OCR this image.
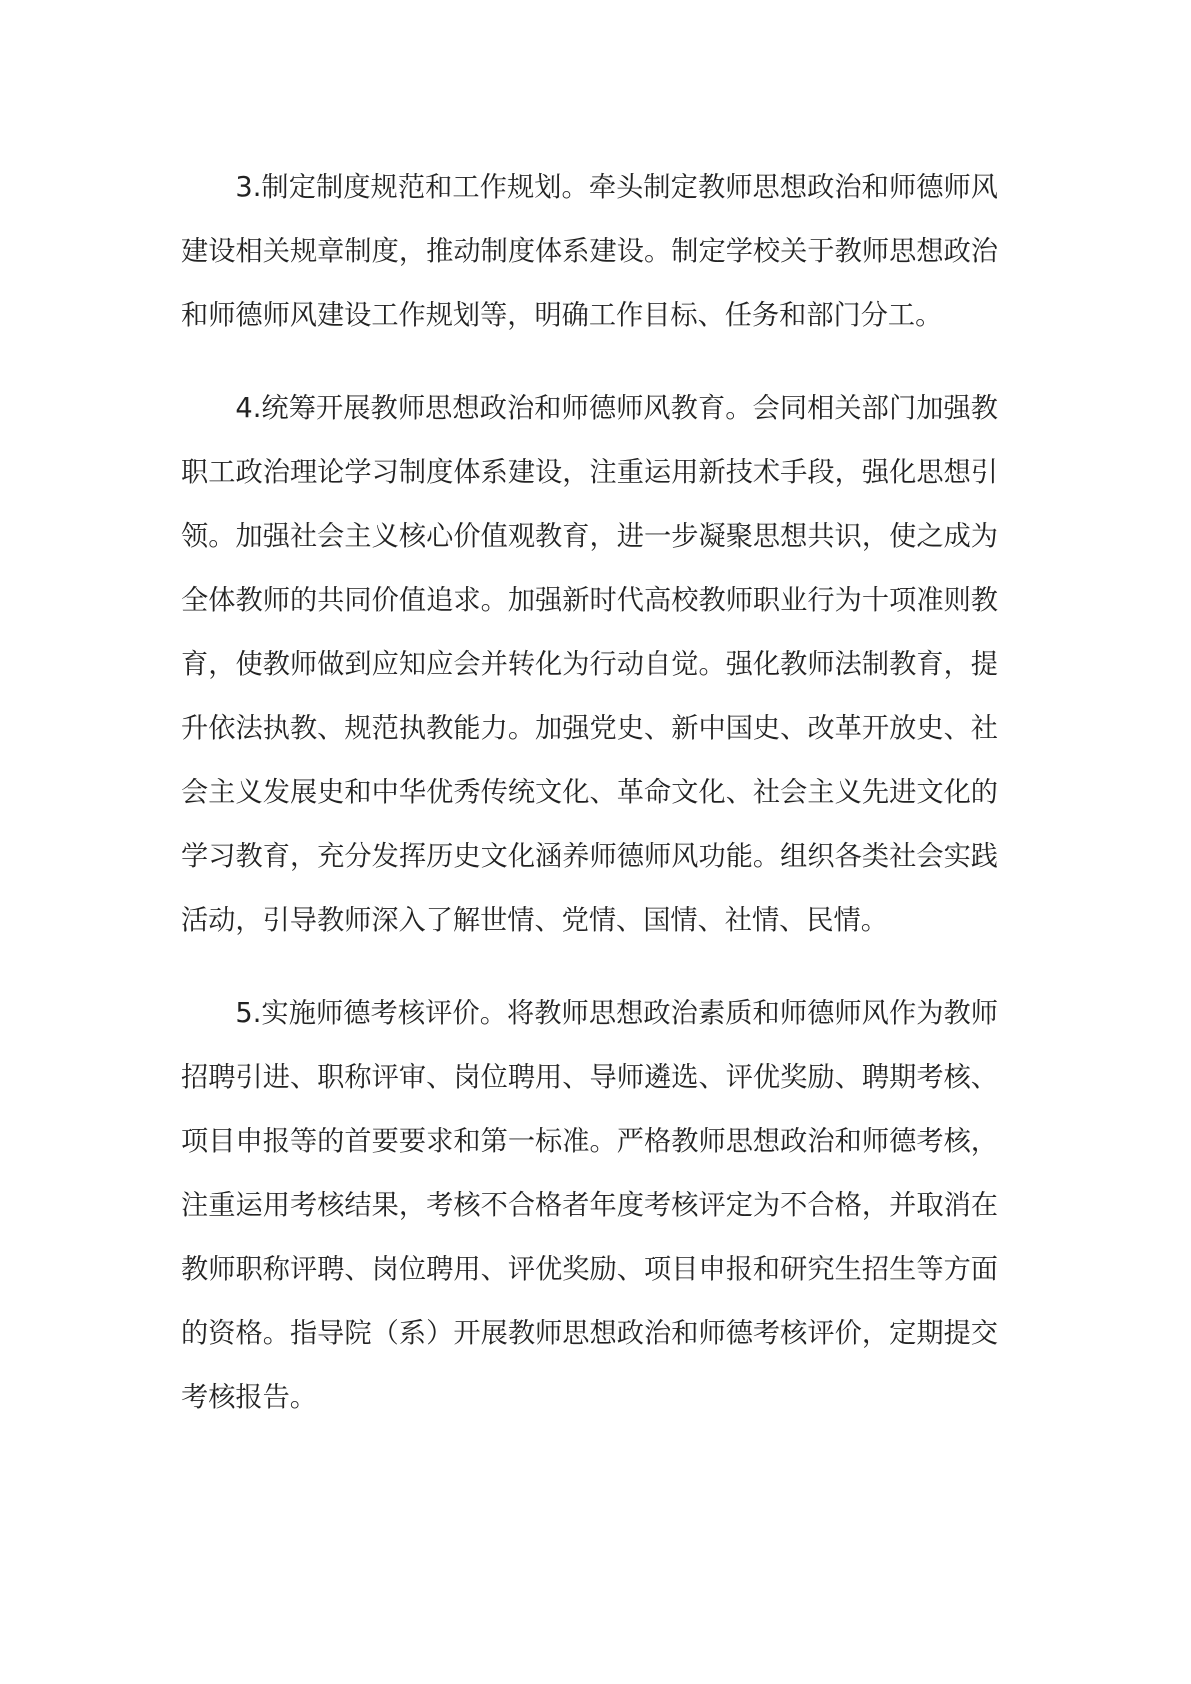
3.制定制度规范和工作规划。牵头制定教师思想政治和师德师风建设相关规章制度，推动制度体系建设。制定学校关于教师思想政治和师德师风建设工作规划等，明确工作目标、任务和部门分工。

4.统筹开展教师思想政治和师德师风教育。会同相关部门加强教职工政治理论学习制度体系建设，注重运用新技术手段，强化思想引领。加强社会主义核心价值观教育，进一步凝聚思想共识，使之成为全体教师的共同价值追求。加强新时代高校教师职业行为十项准则教育，使教师做到应知应会并转化为行动自觉。强化教师法制教育，提升依法执教、规范执教能力。加强党史、新中国史、改革开放史、社会主义发展史和中华优秀传统文化、革命文化、社会主义先进文化的学习教育，充分发挥历史文化涵养师德师风功能。组织各类社会实践活动，引导教师深入了解世情、党情、国情、社情、民情。

5.实施师德考核评价。将教师思想政治素质和师德师风作为教师招聘引进、职称评审、岗位聘用、导师遴选、评优奖励、聘期考核、项目申报等的首要要求和第一标准。严格教师思想政治和师德考核，注重运用考核结果，考核不合格者年度考核评定为不合格，并取消在教师职称评聘、岗位聘用、评优奖励、项目申报和研究生招生等方面的资格。指导院（系）开展教师思想政治和师德考核评价，定期提交考核报告。
